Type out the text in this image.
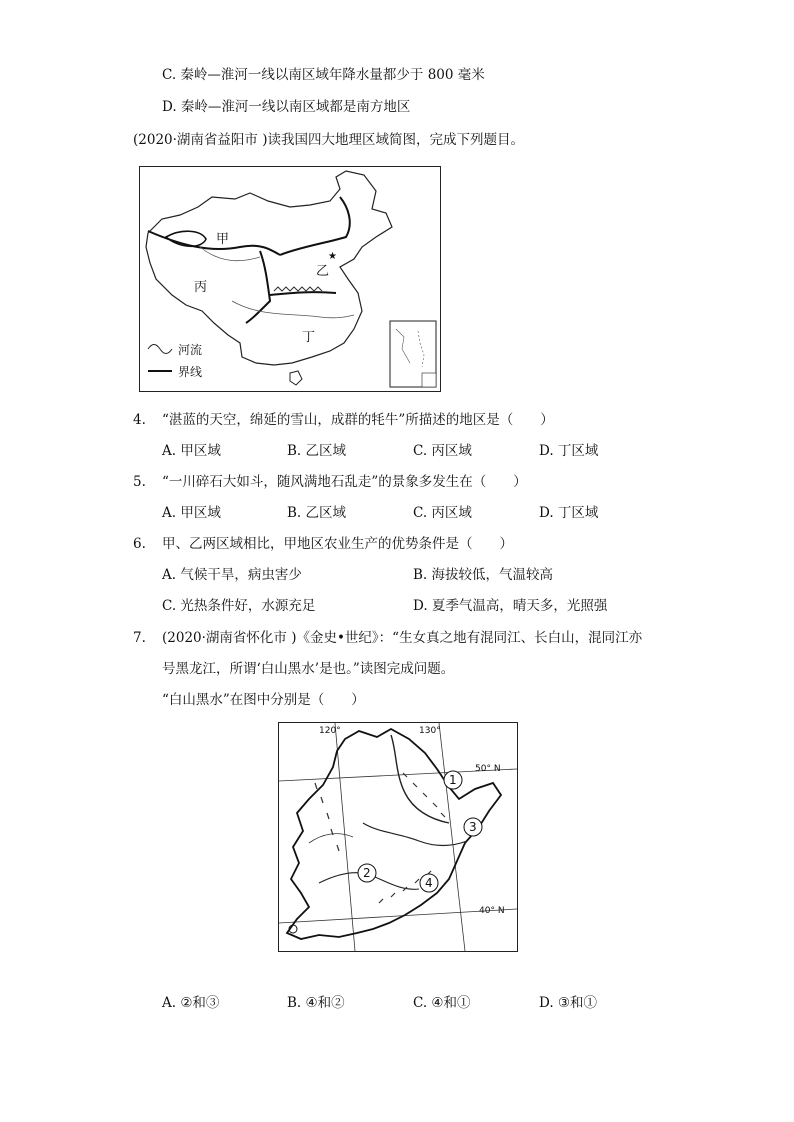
C. 秦岭—淮河一线以南区域年降水量都少于 800 毫米
D. 秦岭—淮河一线以南区域都是南方地区
(2020·湖南省益阳市 )读我国四大地理区域简图，完成下列题目。
★
甲
乙
丙
丁
河流
界线
4. “湛蓝的天空，绵延的雪山，成群的牦牛”所描述的地区是（　　）
A. 甲区域	B. 乙区域	C. 丙区域	D. 丁区域
5. “一川碎石大如斗，随风满地石乱走”的景象多发生在（　　）
A. 甲区域	B. 乙区域	C. 丙区域	D. 丁区域
6. 甲、乙两区域相比，甲地区农业生产的优势条件是（　　）
A. 气候干旱，病虫害少	B. 海拔较低，气温较高
C. 光热条件好，水源充足	D. 夏季气温高，晴天多，光照强
7. (2020·湖南省怀化市 )《金史•世纪》：“生女真之地有混同江、长白山，混同江亦
号黑龙江，所谓‘白山黑水’是也。”读图完成问题。
“白山黑水”在图中分别是（　　）
120°	130°
50° N
40° N
1
2
3
4
A. ②和③	B. ④和②	C. ④和①	D. ③和①
